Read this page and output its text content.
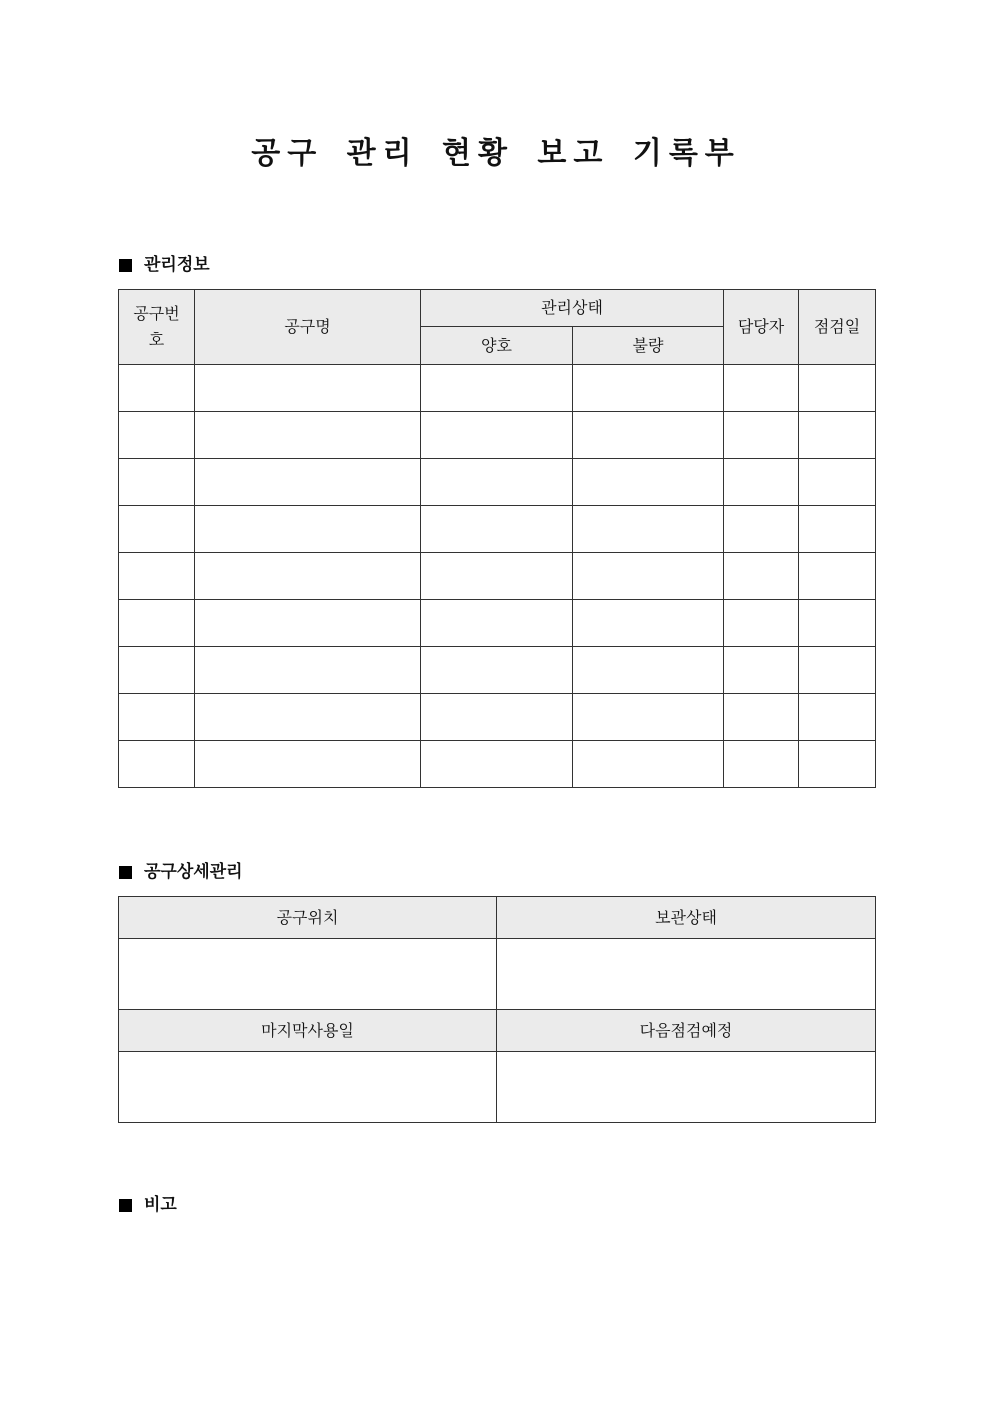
공구 관리 현황 보고 기록부
관리정보
공구번호	공구명	관리상태		담당자	점검일
		양호	불량		

공구상세관리
공구위치	보관상태

마지막사용일	다음점검예정

비고
